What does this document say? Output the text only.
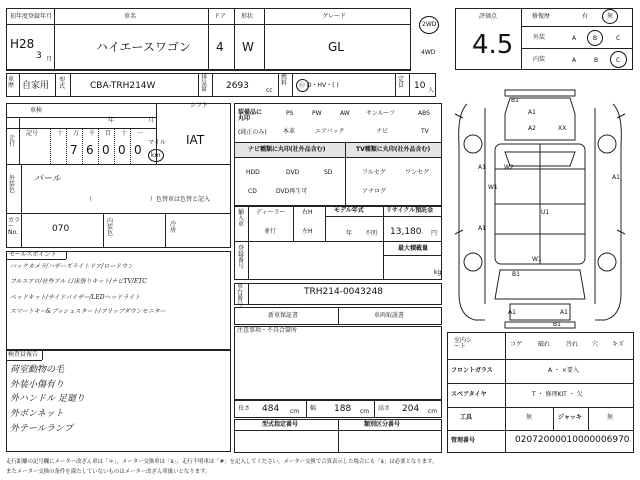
初年度登録年月
H28
3 月
車名
ハイエースワゴン
ドア
4
形状
W
グレード
GL
2WD
4WD
車歴 自家用
型式	CBA-TRH214W
排気量 2693	cc
燃料	Ⓖ D・HV・( )
定員 10 人
車検
年	月
シフト
IAT
走行
記号	十 万 千 百 十 一
7 6 0 0 0
マイル
km
外装色
パール
（	）色替車は色替と記入
カラーNo.	070
内装色
冷房
セールスポイント
バックカメラ/ハザーズライトドア/ロードウン
フルエアロ/社外アルミ/床張りキット/ナビTV/ETC
ベッドキット/サイドバイザー/LEDヘッドライト
スマートキー&プッシュスタート/フリップダウンモニター
検査員報告
荷室動物の毛
外装小傷有り
外ハンドル 足廻り
外ボンネット
外テールランプ
装備品に丸印
(純正のみ)
PS	PW	AW	サンルーフ	ABS
本革	エアバック	ナビ	TV
ナビ種類に丸印(社外品含む)
HDD	DVD	SD
CD	DVD再生可
TV種類に丸印(社外品含む)
フルセグ	ワンセグ
アナログ
輸入車
ディーラー
並行
右H
左H
モデル年式
年 不明
リサイクル預託金
13,180 円
最大積載量
kg
登録番号
車台番号
TRH214-0043248
新車保証書	車両取説書
注意事項・不具合箇所
長さ 484 cm 幅 188 cm 高さ 204 cm
型式指定番号	類別区分番号
評価点
4.5
修復歴	有	無
外装	A	B	C
内装	A	B	C
B1
A1
A2	XX
A1	W2
W1
A1
U1
A1
W1
B1
A1	A1
B1
室内シート	コゲ	破れ	汚れ 穴 キズ
フロントガラス	A ・ ×要入
スペアタイヤ	T ・ 修理KIT ・ 欠
工具	無	ジャッキ	無
管理番号	02072000010000006970
走行距離の記号欄にメーター改ざん車は「＊」、メーター交換車は「$」、走行不明車は「#」を記入してください。メーター交換で合算表示した場合にも「$」は必要となります。
またメーター交換の条件を満たしていないものはメーター改ざん車扱いとなります。
